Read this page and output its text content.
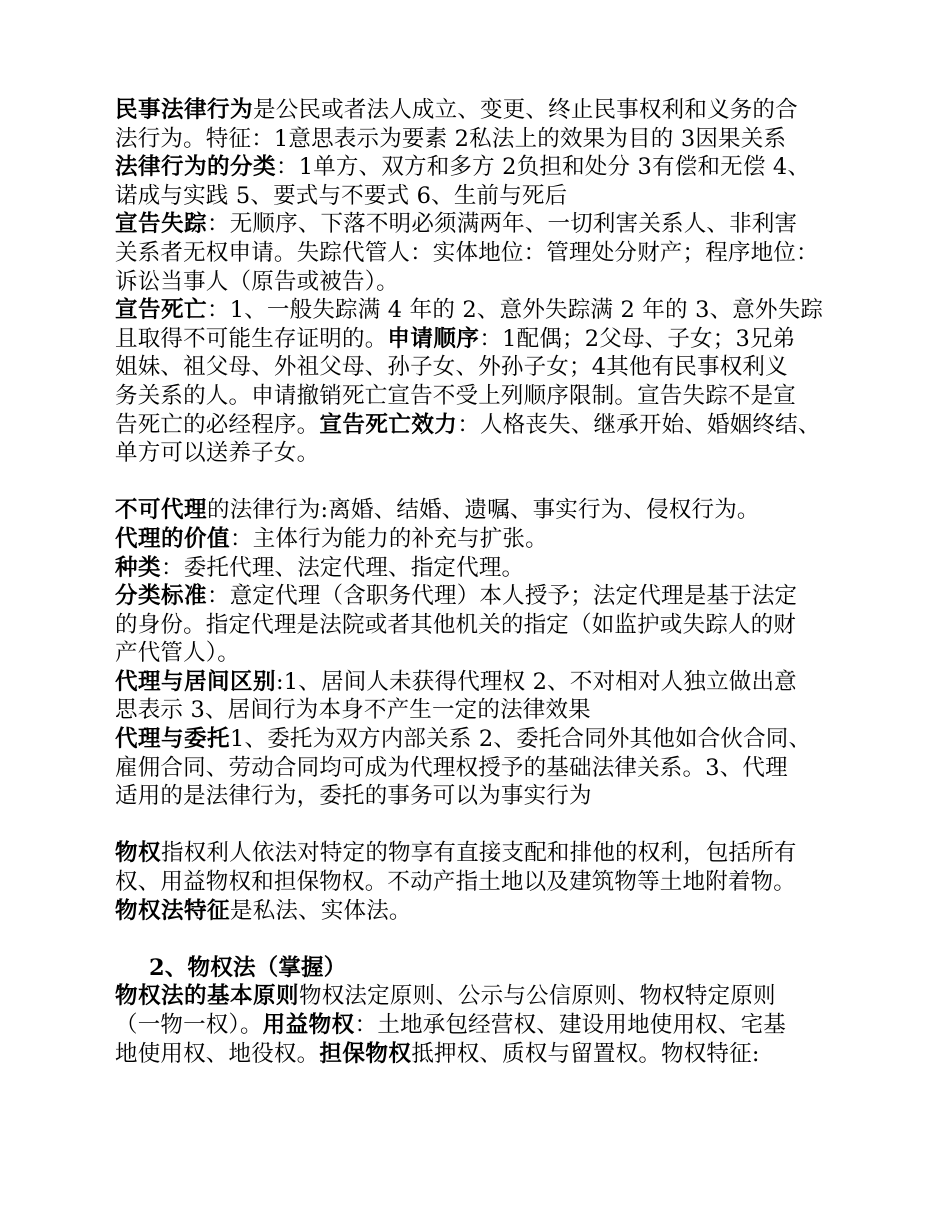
民事法律行为是公民或者法人成立、变更、终止民事权利和义务的合
法行为。特征：1意思表示为要素 2私法上的效果为目的 3因果关系
法律行为的分类：1单方、双方和多方 2负担和处分 3有偿和无偿 4、
诺成与实践 5、要式与不要式 6、生前与死后
宣告失踪：无顺序、下落不明必须满两年、一切利害关系人、非利害
关系者无权申请。失踪代管人：实体地位：管理处分财产；程序地位：
诉讼当事人（原告或被告）。
宣告死亡：1、一般失踪满 4 年的 2、意外失踪满 2 年的 3、意外失踪
且取得不可能生存证明的。申请顺序：1配偶；2父母、子女；3兄弟
姐妹、祖父母、外祖父母、孙子女、外孙子女；4其他有民事权利义
务关系的人。申请撤销死亡宣告不受上列顺序限制。宣告失踪不是宣
告死亡的必经程序。宣告死亡效力：人格丧失、继承开始、婚姻终结、
单方可以送养子女。
不可代理的法律行为:离婚、结婚、遗嘱、事实行为、侵权行为。
代理的价值：主体行为能力的补充与扩张。
种类：委托代理、法定代理、指定代理。
分类标准：意定代理（含职务代理）本人授予；法定代理是基于法定
的身份。指定代理是法院或者其他机关的指定（如监护或失踪人的财
产代管人）。
代理与居间区别:1、居间人未获得代理权 2、不对相对人独立做出意
思表示 3、居间行为本身不产生一定的法律效果
代理与委托1、委托为双方内部关系 2、委托合同外其他如合伙合同、
雇佣合同、劳动合同均可成为代理权授予的基础法律关系。3、代理
适用的是法律行为，委托的事务可以为事实行为
物权指权利人依法对特定的物享有直接支配和排他的权利，包括所有
权、用益物权和担保物权。不动产指土地以及建筑物等土地附着物。
物权法特征是私法、实体法。
2、物权法（掌握）
物权法的基本原则物权法定原则、公示与公信原则、物权特定原则
（一物一权）。用益物权：土地承包经营权、建设用地使用权、宅基
地使用权、地役权。担保物权抵押权、质权与留置权。物权特征:
